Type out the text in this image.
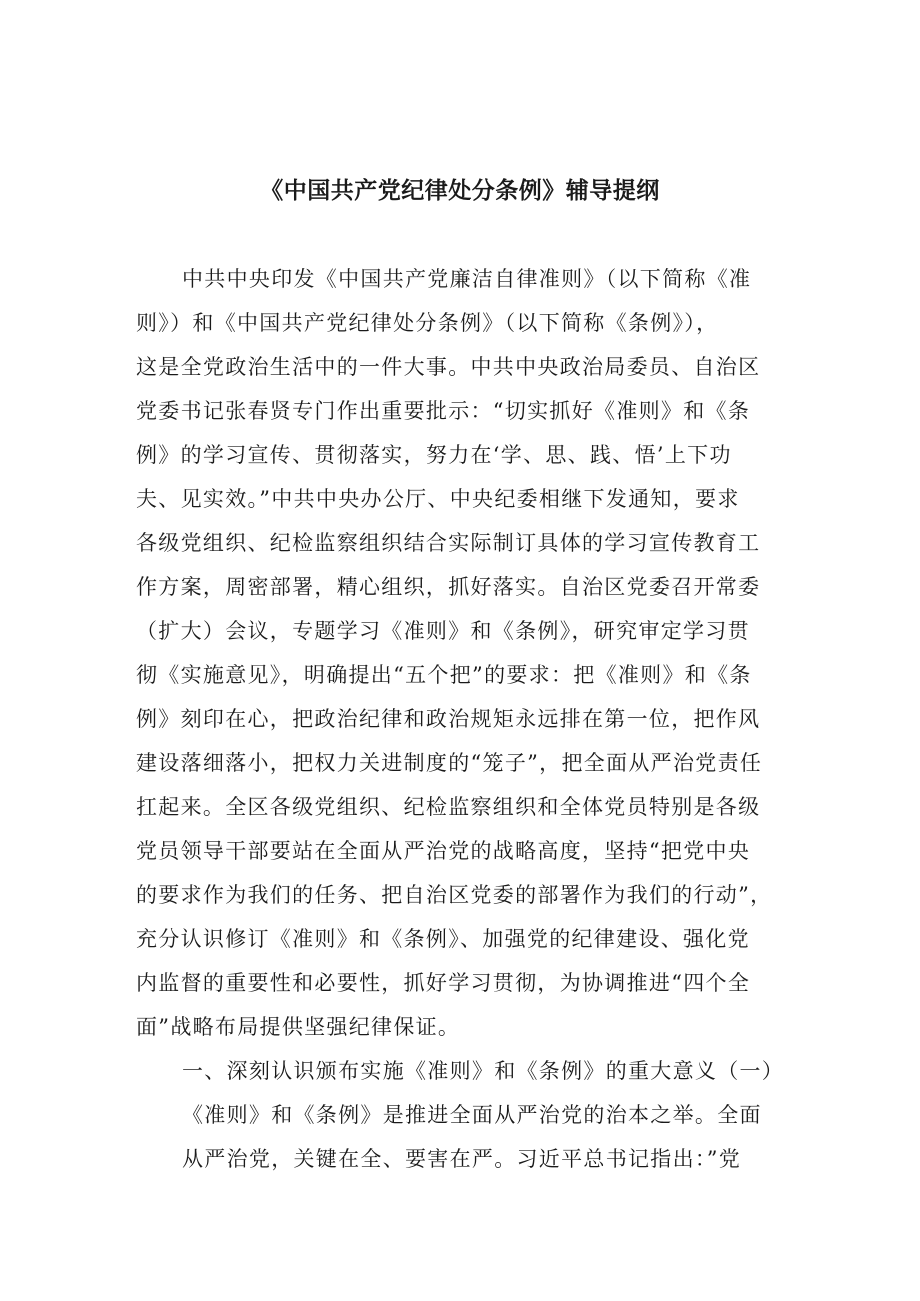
《中国共产党纪律处分条例》辅导提纲
中共中央印发《中国共产党廉洁自律准则》（以下简称《准
则》）和《中国共产党纪律处分条例》（以下简称《条例》），
这是全党政治生活中的一件大事。中共中央政治局委员、自治区
党委书记张春贤专门作出重要批示：“切实抓好《准则》和《条
例》的学习宣传、贯彻落实，努力在‘学、思、践、悟’上下功
夫、见实效。”中共中央办公厅、中央纪委相继下发通知，要求
各级党组织、纪检监察组织结合实际制订具体的学习宣传教育工
作方案，周密部署，精心组织，抓好落实。自治区党委召开常委
（扩大）会议，专题学习《准则》和《条例》，研究审定学习贯
彻《实施意见》，明确提出“五个把”的要求：把《准则》和《条
例》刻印在心，把政治纪律和政治规矩永远排在第一位，把作风
建设落细落小，把权力关进制度的“笼子”，把全面从严治党责任
扛起来。全区各级党组织、纪检监察组织和全体党员特别是各级
党员领导干部要站在全面从严治党的战略高度，坚持“把党中央
的要求作为我们的任务、把自治区党委的部署作为我们的行动”，
充分认识修订《准则》和《条例》、加强党的纪律建设、强化党
内监督的重要性和必要性，抓好学习贯彻，为协调推进“四个全
面”战略布局提供坚强纪律保证。
一、深刻认识颁布实施《准则》和《条例》的重大意义（一）
《准则》和《条例》是推进全面从严治党的治本之举。全面
从严治党，关键在全、要害在严。习近平总书记指出：”党
